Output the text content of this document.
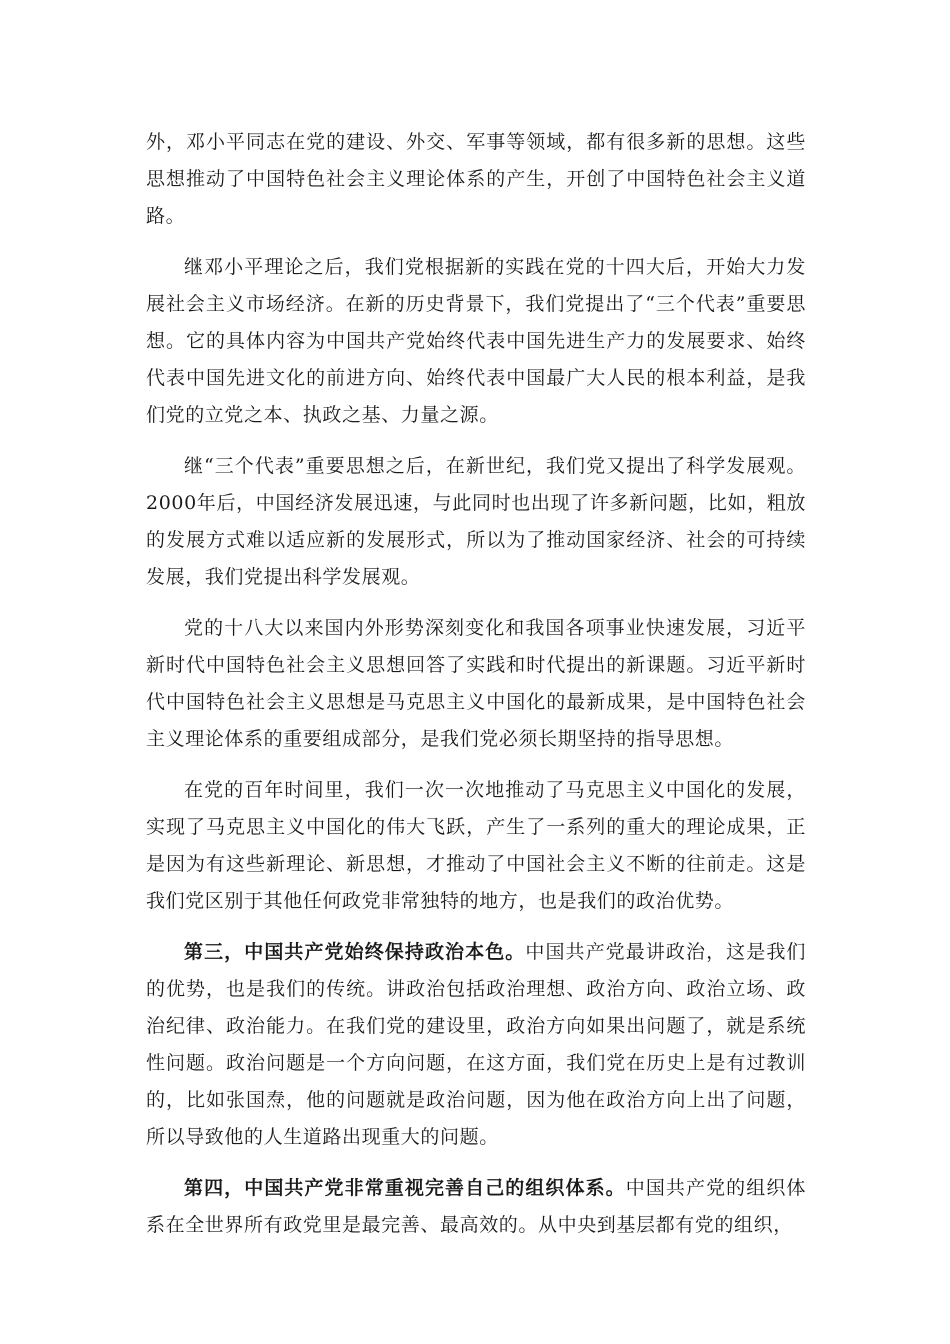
外，邓小平同志在党的建设、外交、军事等领域，都有很多新的思想。这些思想推动了中国特色社会主义理论体系的产生，开创了中国特色社会主义道路。

继邓小平理论之后，我们党根据新的实践在党的十四大后，开始大力发展社会主义市场经济。在新的历史背景下，我们党提出了“三个代表”重要思想。它的具体内容为中国共产党始终代表中国先进生产力的发展要求、始终代表中国先进文化的前进方向、始终代表中国最广大人民的根本利益，是我们党的立党之本、执政之基、力量之源。

继“三个代表”重要思想之后，在新世纪，我们党又提出了科学发展观。2000年后，中国经济发展迅速，与此同时也出现了许多新问题，比如，粗放的发展方式难以适应新的发展形式，所以为了推动国家经济、社会的可持续发展，我们党提出科学发展观。

党的十八大以来国内外形势深刻变化和我国各项事业快速发展，习近平新时代中国特色社会主义思想回答了实践和时代提出的新课题。习近平新时代中国特色社会主义思想是马克思主义中国化的最新成果，是中国特色社会主义理论体系的重要组成部分，是我们党必须长期坚持的指导思想。

在党的百年时间里，我们一次一次地推动了马克思主义中国化的发展，实现了马克思主义中国化的伟大飞跃，产生了一系列的重大的理论成果，正是因为有这些新理论、新思想，才推动了中国社会主义不断的往前走。这是我们党区别于其他任何政党非常独特的地方，也是我们的政治优势。

第三，中国共产党始终保持政治本色。中国共产党最讲政治，这是我们的优势，也是我们的传统。讲政治包括政治理想、政治方向、政治立场、政治纪律、政治能力。在我们党的建设里，政治方向如果出问题了，就是系统性问题。政治问题是一个方向问题，在这方面，我们党在历史上是有过教训的，比如张国焘，他的问题就是政治问题，因为他在政治方向上出了问题，所以导致他的人生道路出现重大的问题。

第四，中国共产党非常重视完善自己的组织体系。中国共产党的组织体系在全世界所有政党里是最完善、最高效的。从中央到基层都有党的组织，
